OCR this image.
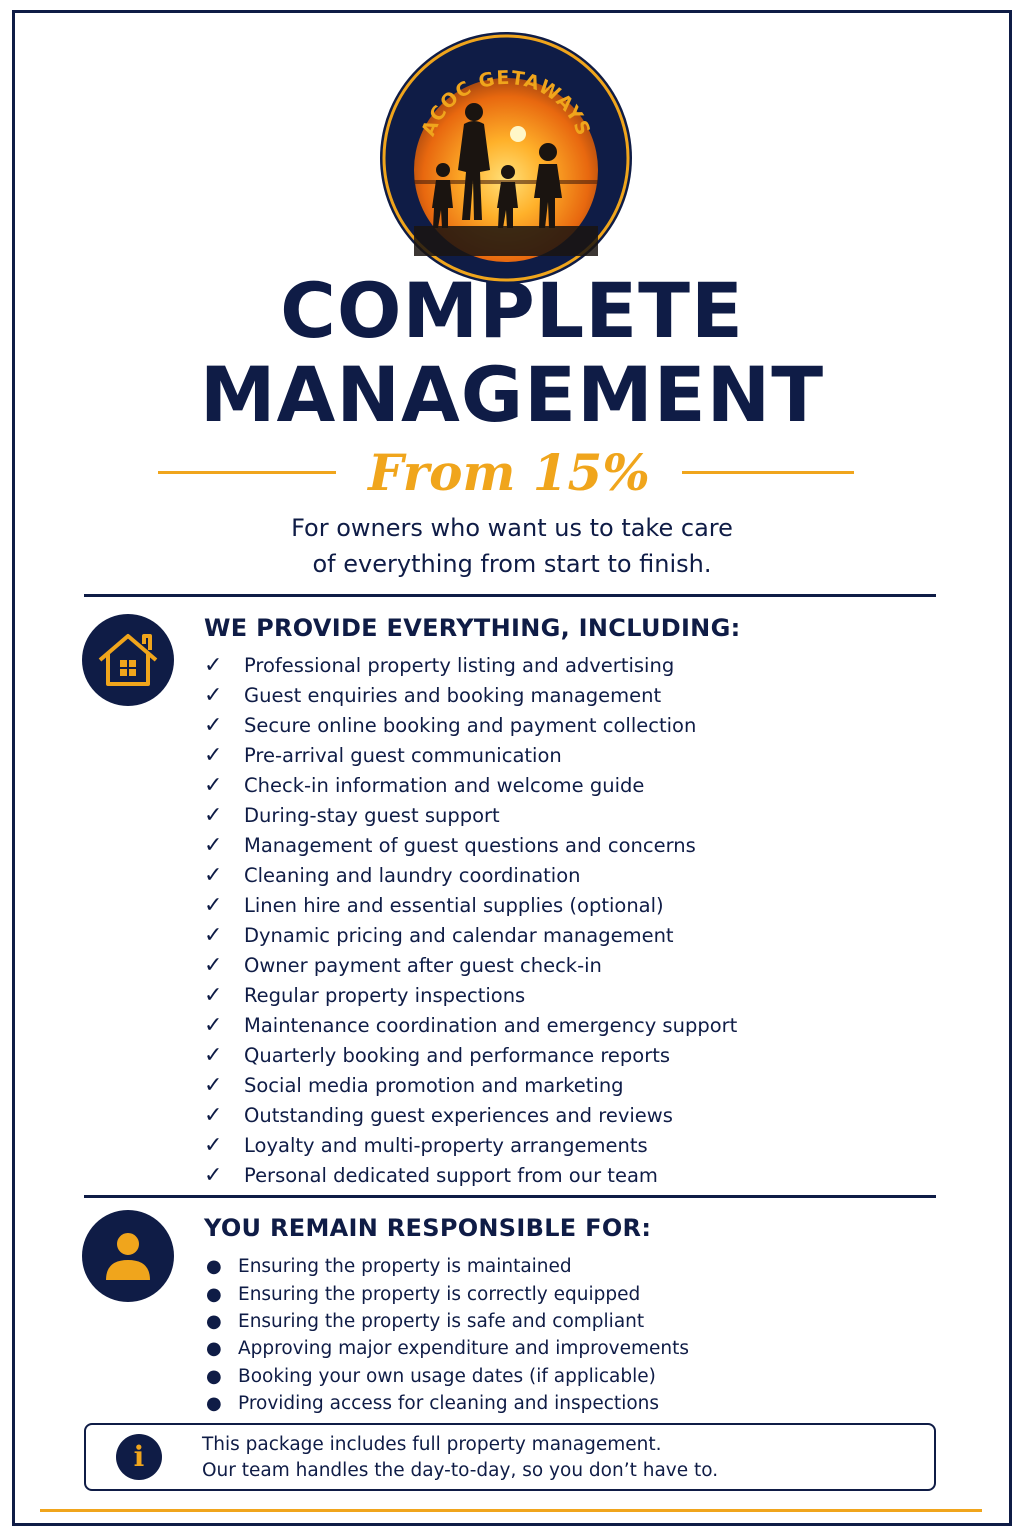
ACOC GETAWAYS
COMPLETE
MANAGEMENT
From 15%
For owners who want us to take care
of everything from start to finish.
WE PROVIDE EVERYTHING, INCLUDING:
✓	Professional property listing and advertising
✓	Guest enquiries and booking management
✓	Secure online booking and payment collection
✓	Pre-arrival guest communication
✓	Check-in information and welcome guide
✓	During-stay guest support
✓	Management of guest questions and concerns
✓	Cleaning and laundry coordination
✓	Linen hire and essential supplies (optional)
✓	Dynamic pricing and calendar management
✓	Owner payment after guest check-in
✓	Regular property inspections
✓	Maintenance coordination and emergency support
✓	Quarterly booking and performance reports
✓	Social media promotion and marketing
✓	Outstanding guest experiences and reviews
✓	Loyalty and multi-property arrangements
✓	Personal dedicated support from our team
YOU REMAIN RESPONSIBLE FOR:
● Ensuring the property is maintained
● Ensuring the property is correctly equipped
● Ensuring the property is safe and compliant
● Approving major expenditure and improvements
● Booking your own usage dates (if applicable)
● Providing access for cleaning and inspections
i	This package includes full property management.
Our team handles the day-to-day, so you don’t have to.
